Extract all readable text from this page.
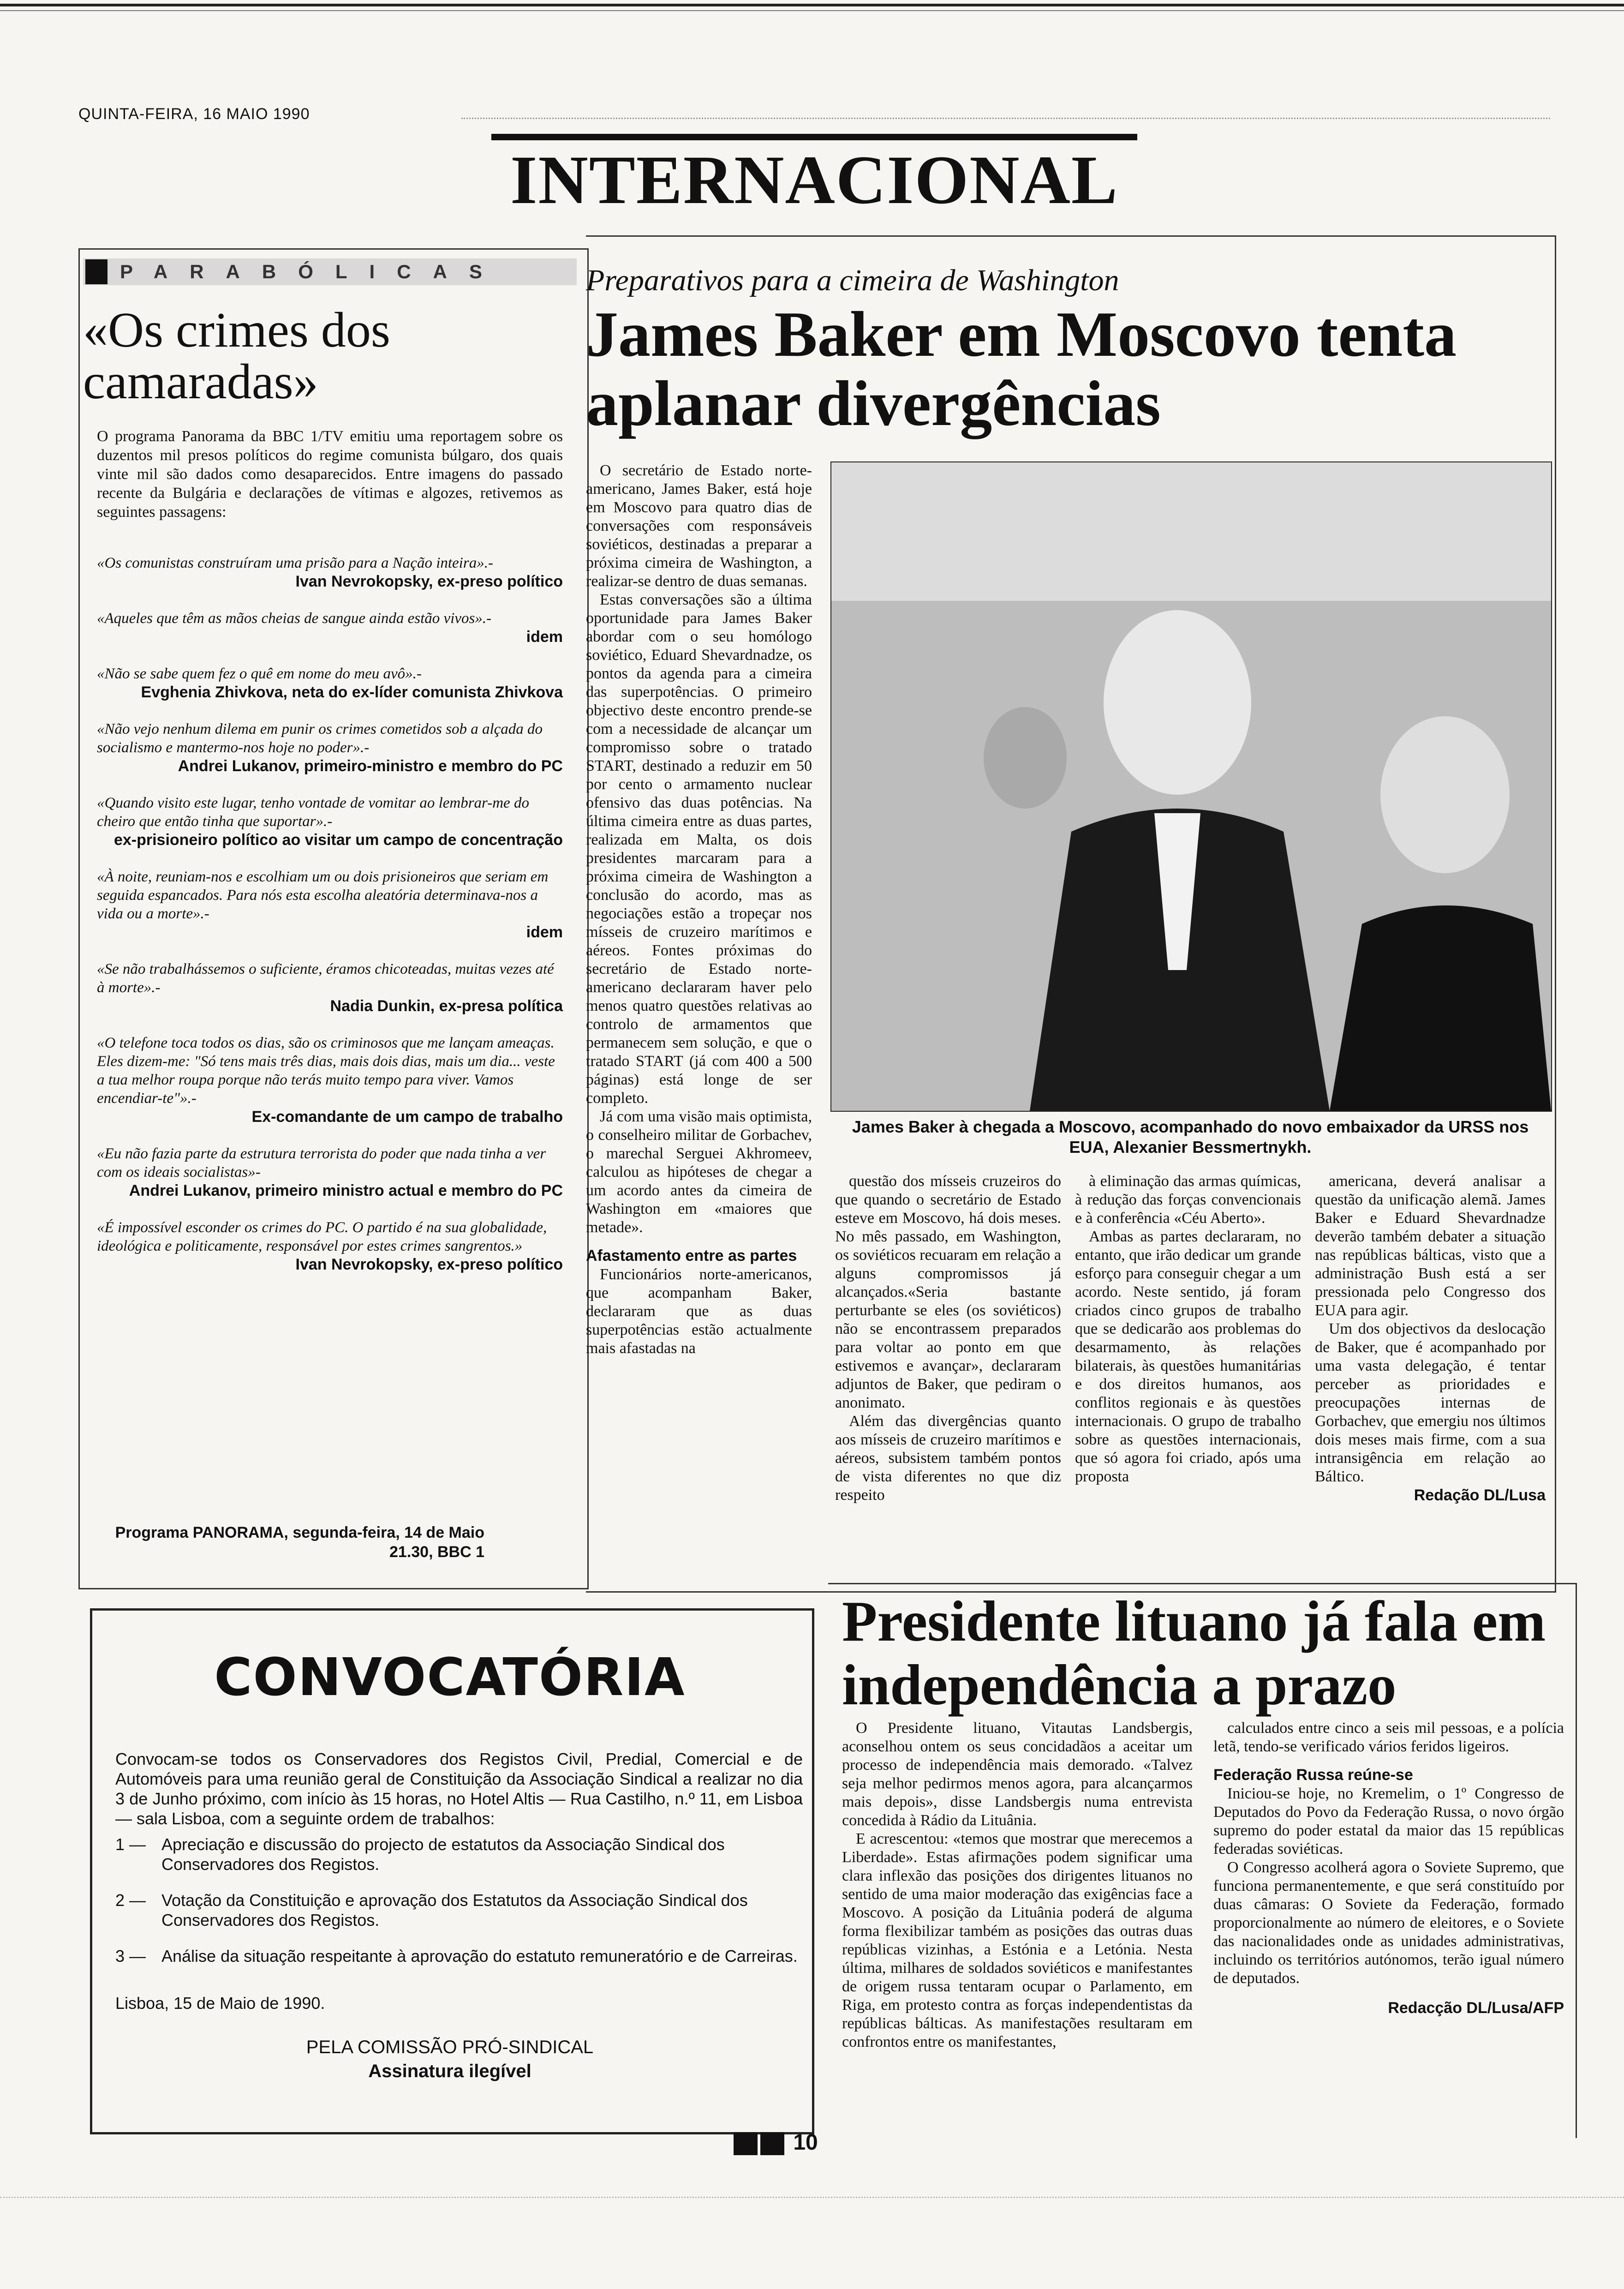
QUINTA-FEIRA, 16 MAIO 1990
INTERNACIONAL
PARABÓLICAS
«Os crimes dos camaradas»
O programa Panorama da BBC 1/TV emitiu uma reportagem sobre os duzentos mil presos políticos do regime comunista búlgaro, dos quais vinte mil são dados como desaparecidos. Entre imagens do passado recente da Bulgária e declarações de vítimas e algozes, retivemos as seguintes passagens:
«Os comunistas construíram uma prisão para a Nação inteira».-
Ivan Nevrokopsky, ex-preso político
«Aqueles que têm as mãos cheias de sangue ainda estão vivos».-
idem
«Não se sabe quem fez o quê em nome do meu avô».-
Evghenia Zhivkova, neta do ex-líder comunista Zhivkova
«Não vejo nenhum dilema em punir os crimes cometidos sob a alçada do socialismo e mantermo-nos hoje no poder».-
Andrei Lukanov, primeiro-ministro e membro do PC
«Quando visito este lugar, tenho vontade de vomitar ao lembrar-me do cheiro que então tinha que suportar».-
ex-prisioneiro político ao visitar um campo de concentração
«À noite, reuniam-nos e escolhiam um ou dois prisioneiros que seriam em seguida espancados. Para nós esta escolha aleatória determinava-nos a vida ou a morte».-
idem
«Se não trabalhássemos o suficiente, éramos chicoteadas, muitas vezes até à morte».-
Nadia Dunkin, ex-presa política
«O telefone toca todos os dias, são os criminosos que me lançam ameaças. Eles dizem-me: "Só tens mais três dias, mais dois dias, mais um dia... veste a tua melhor roupa porque não terás muito tempo para viver. Vamos encendiar-te"».-
Ex-comandante de um campo de trabalho
«Eu não fazia parte da estrutura terrorista do poder que nada tinha a ver com os ideais socialistas»-
Andrei Lukanov, primeiro ministro actual e membro do PC
«É impossível esconder os crimes do PC. O partido é na sua globalidade, ideológica e politicamente, responsável por estes crimes sangrentos.»
Ivan Nevrokopsky, ex-preso político
Programa PANORAMA, segunda-feira, 14 de Maio 21.30, BBC 1
Preparativos para a cimeira de Washington
James Baker em Moscovo tenta aplanar divergências

O secretário de Estado norte-americano, James Baker, está hoje em Moscovo para quatro dias de conversações com responsáveis soviéticos, destinadas a preparar a próxima cimeira de Washington, a realizar-se dentro de duas semanas.

Estas conversações são a última oportunidade para James Baker abordar com o seu homólogo soviético, Eduard Shevardnadze, os pontos da agenda para a cimeira das superpotências. O primeiro objectivo deste encontro prende-se com a necessidade de alcançar um compromisso sobre o tratado START, destinado a reduzir em 50 por cento o armamento nuclear ofensivo das duas potências. Na última cimeira entre as duas partes, realizada em Malta, os dois presidentes marcaram para a próxima cimeira de Washington a conclusão do acordo, mas as negociações estão a tropeçar nos mísseis de cruzeiro marítimos e aéreos. Fontes próximas do secretário de Estado norte-americano declararam haver pelo menos quatro questões relativas ao controlo de armamentos que permanecem sem solução, e que o tratado START (já com 400 a 500 páginas) está longe de ser completo.

Já com uma visão mais optimista, o conselheiro militar de Gorbachev, o marechal Serguei Akhromeev, calculou as hipóteses de chegar a um acordo antes da cimeira de Washington em «maiores que metade».

Afastamento entre as partes

Funcionários norte-americanos, que acompanham Baker, declararam que as duas superpotências estão actualmente mais afastadas na

James Baker à chegada a Moscovo, acompanhado do novo embaixador da URSS nos EUA, Alexanier Bessmertnykh.

questão dos mísseis cruzeiros do que quando o secretário de Estado esteve em Moscovo, há dois meses. No mês passado, em Washington, os soviéticos recuaram em relação a alguns compromissos já alcançados.«Seria bastante perturbante se eles (os soviéticos) não se encontrassem preparados para voltar ao ponto em que estivemos e avançar», declararam adjuntos de Baker, que pediram o anonimato.

Além das divergências quanto aos mísseis de cruzeiro marítimos e aéreos, subsistem também pontos de vista diferentes no que diz respeito

à eliminação das armas químicas, à redução das forças convencionais e à conferência «Céu Aberto».

Ambas as partes declararam, no entanto, que irão dedicar um grande esforço para conseguir chegar a um acordo. Neste sentido, já foram criados cinco grupos de trabalho que se dedicarão aos problemas do desarmamento, às relações bilaterais, às questões humanitárias e dos direitos humanos, aos conflitos regionais e às questões internacionais. O grupo de trabalho sobre as questões internacionais, que só agora foi criado, após uma proposta

CONVOCATÓRIA
Convocam-se todos os Conservadores dos Registos Civil, Predial, Comercial e de Automóveis para uma reunião geral de Constituição da Associação Sindical a realizar no dia 3 de Junho próximo, com início às 15 horas, no Hotel Altis — Rua Castilho, n.º 11, em Lisboa — sala Lisboa, com a seguinte ordem de trabalhos:
1 — Apreciação e discussão do projecto de estatutos da Associação Sindical dos Conservadores dos Registos.
2 — Votação da Constituição e aprovação dos Estatutos da Associação Sindical dos Conservadores dos Registos.
3 — Análise da situação respeitante à aprovação do estatuto remuneratório e de Carreiras.
Lisboa, 15 de Maio de 1990.
PELA COMISSÃO PRÓ-SINDICAL
Assinatura ilegível
Presidente lituano já fala em independência a prazo

O Presidente lituano, Vitautas Landsbergis, aconselhou ontem os seus concidadãos a aceitar um processo de independência mais demorado. «Talvez seja melhor pedirmos menos agora, para alcançarmos mais depois», disse Landsbergis numa entrevista concedida à Rádio da Lituânia.

E acrescentou: «temos que mostrar que merecemos a Liberdade». Estas afirmações podem significar uma clara inflexão das posições dos dirigentes lituanos no sentido de uma maior moderação das exigências face a Moscovo. A posição da Lituânia poderá de alguma forma flexibilizar também as posições das outras duas repúblicas vizinhas, a Estónia e a Letónia. Nesta última, milhares de soldados soviéticos e manifestantes de origem russa tentaram ocupar o Parlamento, em Riga, em protesto contra as forças independentistas da repúblicas bálticas. As manifestações resultaram em confrontos entre os manifestantes,

calculados entre cinco a seis mil pessoas, e a polícia letã, tendo-se verificado vários feridos ligeiros.

Federação Russa reúne-se

Iniciou-se hoje, no Kremelim, o 1º Congresso de Deputados do Povo da Federação Russa, o novo órgão supremo do poder estatal da maior das 15 repúblicas federadas soviéticas.

O Congresso acolherá agora o Soviete Supremo, que funciona permanentemente, e que será constituído por duas câmaras: O Soviete da Federação, formado proporcionalmente ao número de eleitores, e o Soviete das nacionalidades onde as unidades administrativas, incluindo os territórios autónomos, terão igual número de deputados.

Redacção DL/Lusa/AFP
10

americana, deverá analisar a questão da unificação alemã. James Baker e Eduard Shevardnadze deverão também debater a situação nas repúblicas bálticas, visto que a administração Bush está a ser pressionada pelo Congresso dos EUA para agir.

Um dos objectivos da deslocação de Baker, que é acompanhado por uma vasta delegação, é tentar perceber as prioridades e preocupações internas de Gorbachev, que emergiu nos últimos dois meses mais firme, com a sua intransigência em relação ao Báltico.

Redação DL/Lusa
